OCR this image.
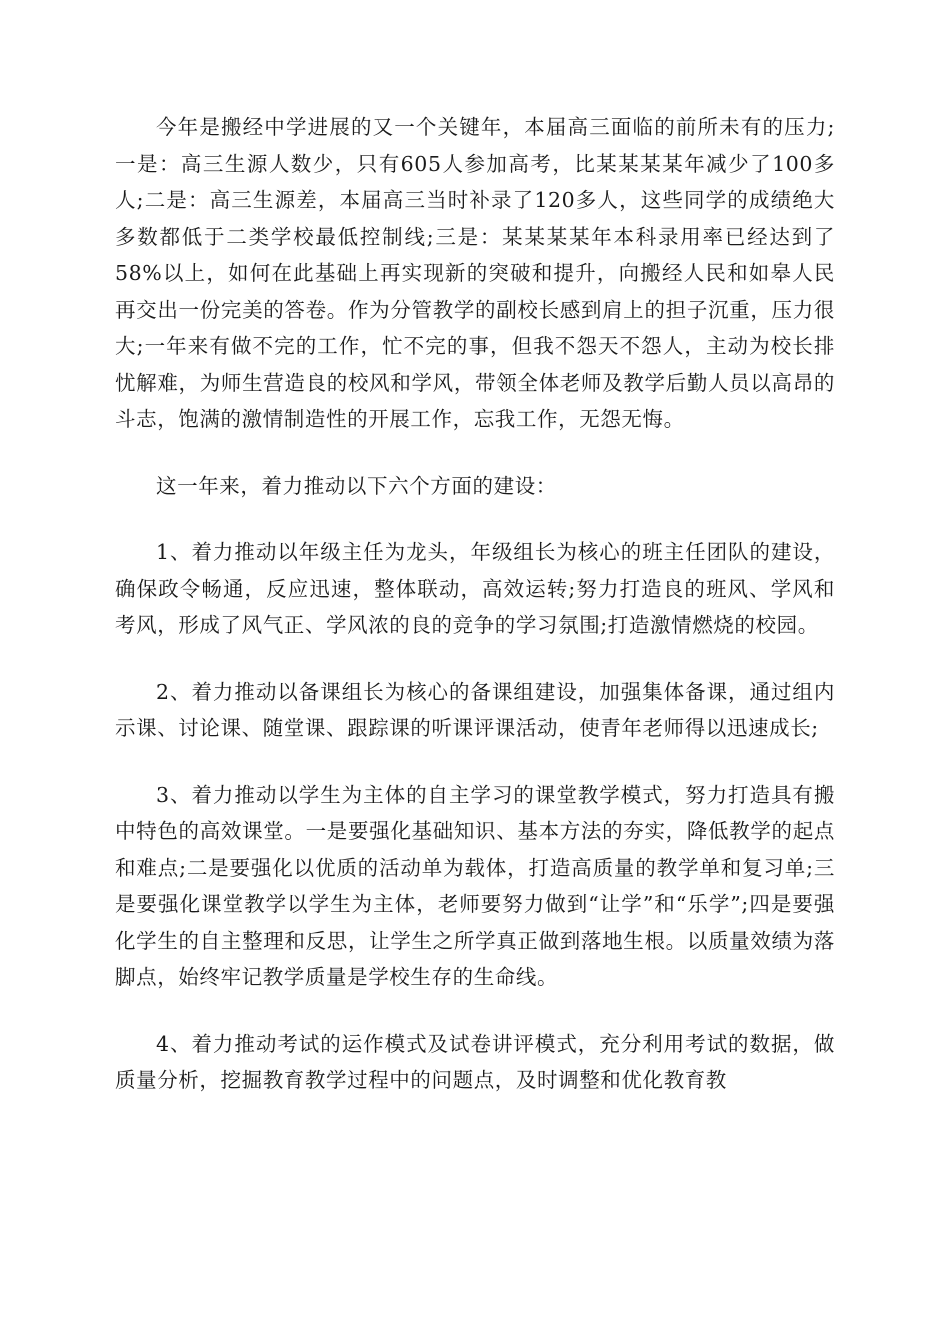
今年是搬经中学进展的又一个关键年，本届高三面临的前所未有的压力;一是：高三生源人数少，只有605人参加高考，比某某某某年减少了100多人;二是：高三生源差，本届高三当时补录了120多人，这些同学的成绩绝大多数都低于二类学校最低控制线;三是：某某某某年本科录用率已经达到了58%以上，如何在此基础上再实现新的突破和提升，向搬经人民和如皋人民再交出一份完美的答卷。作为分管教学的副校长感到肩上的担子沉重，压力很大;一年来有做不完的工作，忙不完的事，但我不怨天不怨人，主动为校长排忧解难，为师生营造良的校风和学风，带领全体老师及教学后勤人员以高昂的斗志，饱满的激情制造性的开展工作，忘我工作，无怨无悔。

这一年来，着力推动以下六个方面的建设：

1、着力推动以年级主任为龙头，年级组长为核心的班主任团队的建设，确保政令畅通，反应迅速，整体联动，高效运转;努力打造良的班风、学风和考风，形成了风气正、学风浓的良的竞争的学习氛围;打造激情燃烧的校园。

2、着力推动以备课组长为核心的备课组建设，加强集体备课，通过组内示课、讨论课、随堂课、跟踪课的听课评课活动，使青年老师得以迅速成长;

3、着力推动以学生为主体的自主学习的课堂教学模式，努力打造具有搬中特色的高效课堂。一是要强化基础知识、基本方法的夯实，降低教学的起点和难点;二是要强化以优质的活动单为载体，打造高质量的教学单和复习单;三是要强化课堂教学以学生为主体，老师要努力做到“让学”和“乐学”;四是要强化学生的自主整理和反思，让学生之所学真正做到落地生根。以质量效绩为落脚点，始终牢记教学质量是学校生存的生命线。

4、着力推动考试的运作模式及试卷讲评模式，充分利用考试的数据，做质量分析，挖掘教育教学过程中的问题点，及时调整和优化教育教
